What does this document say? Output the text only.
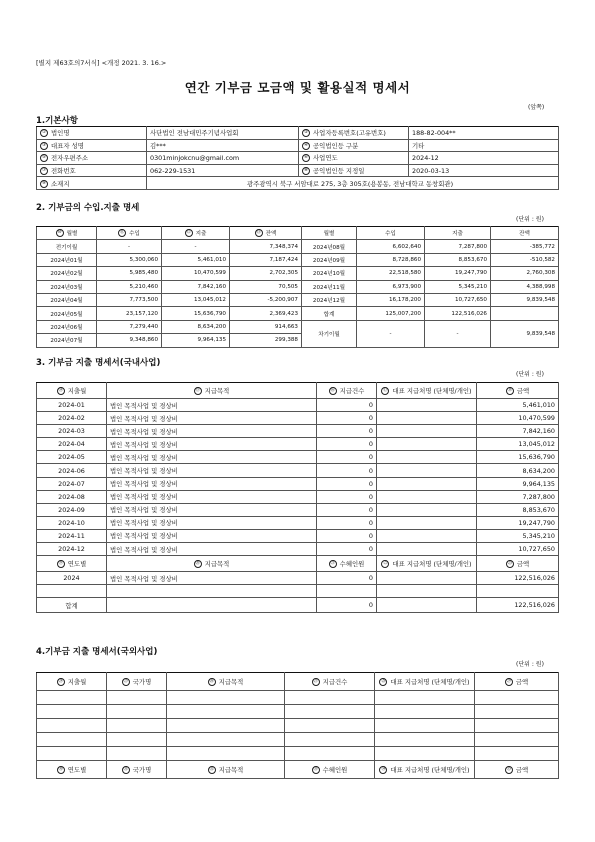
[별지 제63호의7서식] <개정 2021. 3. 16.>
연간 기부금 모금액 및 활용실적 명세서
(앞쪽)
1.기본사항
① 법인명	사단법인 전남대민주기념사업회	② 사업자등록번호(고유번호)	188-82-004**
③ 대표자 성명	김***	④ 공익법인등 구분	기타
⑤ 전자우편주소	0301minjokcnu@gmail.com	⑥ 사업연도	2024-12
⑦ 전화번호	062-229-1531	⑧ 공익법인등 지정일	2020-03-13
⑨ 소재지	광주광역시 북구 서암대로 275, 3층 305호(용봉동, 전남대학교 동창회관)		
2. 기부금의 수입.지출 명세
(단위 : 원)
⑩ 월별	⑪ 수입	⑫ 지출	⑬ 잔액	월별	수입	지출	잔액
전기이월	-	-	7,348,374	2024년08월	6,602,640	7,287,800	-385,772
2024년01월	5,300,060	5,461,010	7,187,424	2024년09월	8,728,860	8,853,670	-510,582
2024년02월	5,985,480	10,470,599	2,702,305	2024년10월	22,518,580	19,247,790	2,760,308
2024년03월	5,210,460	7,842,160	70,505	2024년11월	6,973,900	5,345,210	4,388,998
2024년04월	7,773,500	13,045,012	-5,200,907	2024년12월	16,178,200	10,727,650	9,839,548
2024년05월	23,157,120	15,636,790	2,369,423	합계	125,007,200	122,516,026	
2024년06월	7,279,440	8,634,200	914,663	차기이월	-	-	9,839,548
2024년07월	9,348,860	9,964,135	299,388				
3. 기부금 지출 명세서(국내사업)
(단위 : 원)
⑭ 지출월	⑮ 지급목적	⑯ 지급건수	⑰ 대표 지급처명 (단체명/개인)	⑱ 금액
2024-01	법인 목적사업 및 경상비	0		5,461,010
2024-02	법인 목적사업 및 경상비	0		10,470,599
2024-03	법인 목적사업 및 경상비	0		7,842,160
2024-04	법인 목적사업 및 경상비	0		13,045,012
2024-05	법인 목적사업 및 경상비	0		15,636,790
2024-06	법인 목적사업 및 경상비	0		8,634,200
2024-07	법인 목적사업 및 경상비	0		9,964,135
2024-08	법인 목적사업 및 경상비	0		7,287,800
2024-09	법인 목적사업 및 경상비	0		8,853,670
2024-10	법인 목적사업 및 경상비	0		19,247,790
2024-11	법인 목적사업 및 경상비	0		5,345,210
2024-12	법인 목적사업 및 경상비	0		10,727,650
⑲ 연도별	⑳ 지급목적	㉑ 수혜인원	㉒ 대표 지급처명 (단체명/개인)	㉓ 금액
2024	법인 목적사업 및 경상비	0		122,516,026

합계		0		122,516,026
4.기부금 지출 명세서(국외사업)
(단위 : 원)
㉔ 지출월	㉕ 국가명	㉖ 지급목적	㉗ 지급건수	㉘ 대표 지급처명 (단체명/개인)	㉙ 금액

㉚ 연도별	㉛ 국가명	㉜ 지급목적	㉝ 수혜인원	㉞ 대표 지급처명 (단체명/개인)	㉟ 금액
